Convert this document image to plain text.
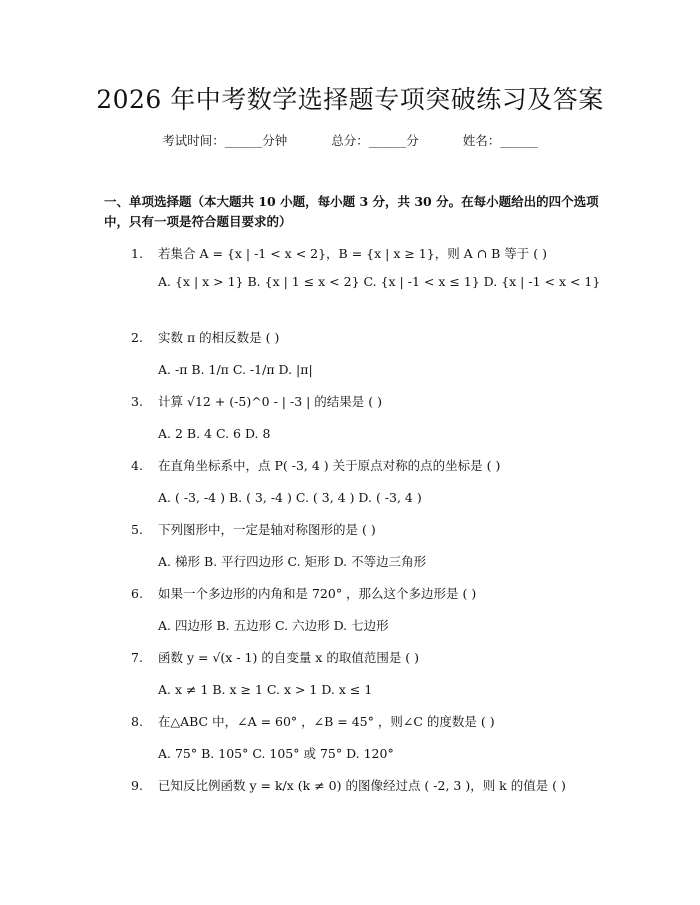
2026 年中考数学选择题专项突破练习及答案
考试时间：______分钟	总分：______分	姓名：______
一、单项选择题（本大题共 10 小题，每小题 3 分，共 30 分。在每小题给出的四个选项中，只有一项是符合题目要求的）
1. 若集合 A = {x | -1 < x < 2}，B = {x | x ≥ 1}，则 A ∩ B 等于 ( )
A. {x | x > 1} B. {x | 1 ≤ x < 2} C. {x | -1 < x ≤ 1} D. {x | -1 < x < 1}
2. 实数 π 的相反数是 ( )
A. -π B. 1/π C. -1/π D. |π|
3. 计算 √12 + (-5)^0 - | -3 | 的结果是 ( )
A. 2 B. 4 C. 6 D. 8
4. 在直角坐标系中，点 P( -3, 4 ) 关于原点对称的点的坐标是 ( )
A. ( -3, -4 ) B. ( 3, -4 ) C. ( 3, 4 ) D. ( -3, 4 )
5. 下列图形中，一定是轴对称图形的是 ( )
A. 梯形 B. 平行四边形 C. 矩形 D. 不等边三角形
6. 如果一个多边形的内角和是 720° ，那么这个多边形是 ( )
A. 四边形 B. 五边形 C. 六边形 D. 七边形
7. 函数 y = √(x - 1) 的自变量 x 的取值范围是 ( )
A. x ≠ 1 B. x ≥ 1 C. x > 1 D. x ≤ 1
8. 在△ABC 中，∠A = 60° ，∠B = 45° ，则∠C 的度数是 ( )
A. 75° B. 105° C. 105° 或 75° D. 120°
9. 已知反比例函数 y = k/x (k ≠ 0) 的图像经过点 ( -2, 3 )，则 k 的值是 ( )
